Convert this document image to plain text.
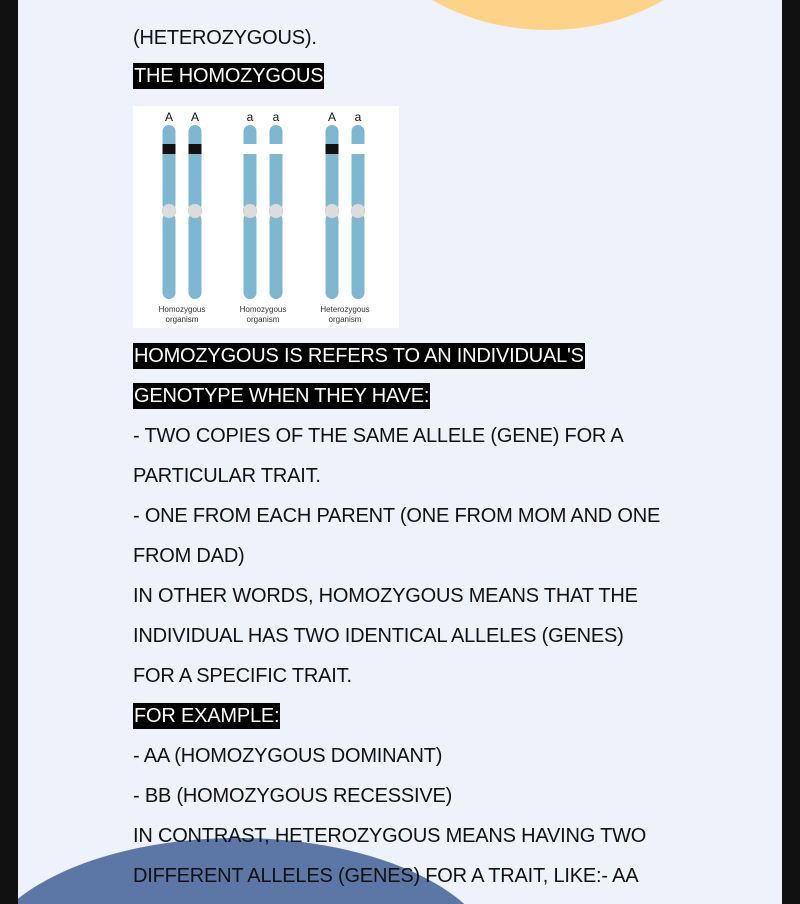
(HETEROZYGOUS).
THE HOMOZYGOUS
HOMOZYGOUS IS REFERS TO AN INDIVIDUAL'S
GENOTYPE WHEN THEY HAVE:
- TWO COPIES OF THE SAME ALLELE (GENE) FOR A
PARTICULAR TRAIT.
- ONE FROM EACH PARENT (ONE FROM MOM AND ONE
FROM DAD)
IN OTHER WORDS, HOMOZYGOUS MEANS THAT THE
INDIVIDUAL HAS TWO IDENTICAL ALLELES (GENES)
FOR A SPECIFIC TRAIT.
FOR EXAMPLE:
- AA (HOMOZYGOUS DOMINANT)
- BB (HOMOZYGOUS RECESSIVE)
IN CONTRAST, HETEROZYGOUS MEANS HAVING TWO
DIFFERENT ALLELES (GENES) FOR A TRAIT, LIKE:- AA
A A
Homozygous
organism
a a
Homozygous
organism
A a
Heterozygous
organism
